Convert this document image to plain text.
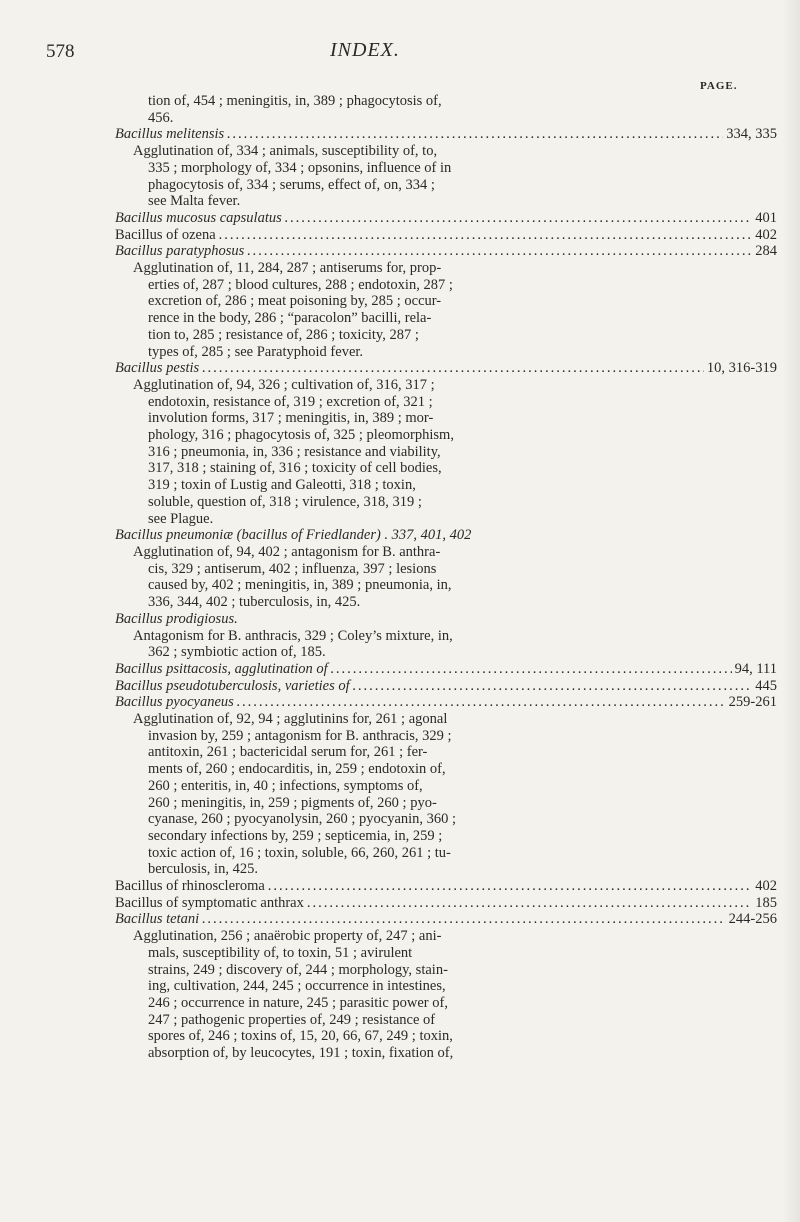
578	INDEX.
PAGE.
tion of, 454 ; meningitis, in, 389 ; phagocytosis of,
456.
Bacillus melitensis .....	334, 335
Agglutination of, 334 ; animals, susceptibility of, to,
335 ; morphology of, 334 ; opsonins, influence of in
phagocytosis of, 334 ; serums, effect of, on, 334 ;
see Malta fever.
Bacillus mucosus capsulatus .....	401
Bacillus of ozena .....	402
Bacillus paratyphosus .....	284
Agglutination of, 11, 284, 287 ; antiserums for, prop-
erties of, 287 ; blood cultures, 288 ; endotoxin, 287 ;
excretion of, 286 ; meat poisoning by, 285 ; occur-
rence in the body, 286 ; “paracolon” bacilli, rela-
tion to, 285 ; resistance of, 286 ; toxicity, 287 ;
types of, 285 ; see Paratyphoid fever.
Bacillus pestis .....	10, 316-319
Agglutination of, 94, 326 ; cultivation of, 316, 317 ;
endotoxin, resistance of, 319 ; excretion of, 321 ;
involution forms, 317 ; meningitis, in, 389 ; mor-
phology, 316 ; phagocytosis of, 325 ; pleomorphism,
316 ; pneumonia, in, 336 ; resistance and viability,
317, 318 ; staining of, 316 ; toxicity of cell bodies,
319 ; toxin of Lustig and Galeotti, 318 ; toxin,
soluble, question of, 318 ; virulence, 318, 319 ;
see Plague.
Bacillus pneumoniæ (bacillus of Friedlander) . 337, 401, 402
Agglutination of, 94, 402 ; antagonism for B. anthra-
cis, 329 ; antiserum, 402 ; influenza, 397 ; lesions
caused by, 402 ; meningitis, in, 389 ; pneumonia, in,
336, 344, 402 ; tuberculosis, in, 425.
Bacillus prodigiosus.
Antagonism for B. anthracis, 329 ; Coley’s mixture, in,
362 ; symbiotic action of, 185.
Bacillus psittacosis, agglutination of .....	94, 111
Bacillus pseudotuberculosis, varieties of .....	445
Bacillus pyocyaneus .....	259-261
Agglutination of, 92, 94 ; agglutinins for, 261 ; agonal
invasion by, 259 ; antagonism for B. anthracis, 329 ;
antitoxin, 261 ; bactericidal serum for, 261 ; fer-
ments of, 260 ; endocarditis, in, 259 ; endotoxin of,
260 ; enteritis, in, 40 ; infections, symptoms of,
260 ; meningitis, in, 259 ; pigments of, 260 ; pyo-
cyanase, 260 ; pyocyanolysin, 260 ; pyocyanin, 360 ;
secondary infections by, 259 ; septicemia, in, 259 ;
toxic action of, 16 ; toxin, soluble, 66, 260, 261 ; tu-
berculosis, in, 425.
Bacillus of rhinoscleroma .....	402
Bacillus of symptomatic anthrax .....	185
Bacillus tetani .....	244-256
Agglutination, 256 ; anaërobic property of, 247 ; ani-
mals, susceptibility of, to toxin, 51 ; avirulent
strains, 249 ; discovery of, 244 ; morphology, stain-
ing, cultivation, 244, 245 ; occurrence in intestines,
246 ; occurrence in nature, 245 ; parasitic power of,
247 ; pathogenic properties of, 249 ; resistance of
spores of, 246 ; toxins of, 15, 20, 66, 67, 249 ; toxin,
absorption of, by leucocytes, 191 ; toxin, fixation of,
